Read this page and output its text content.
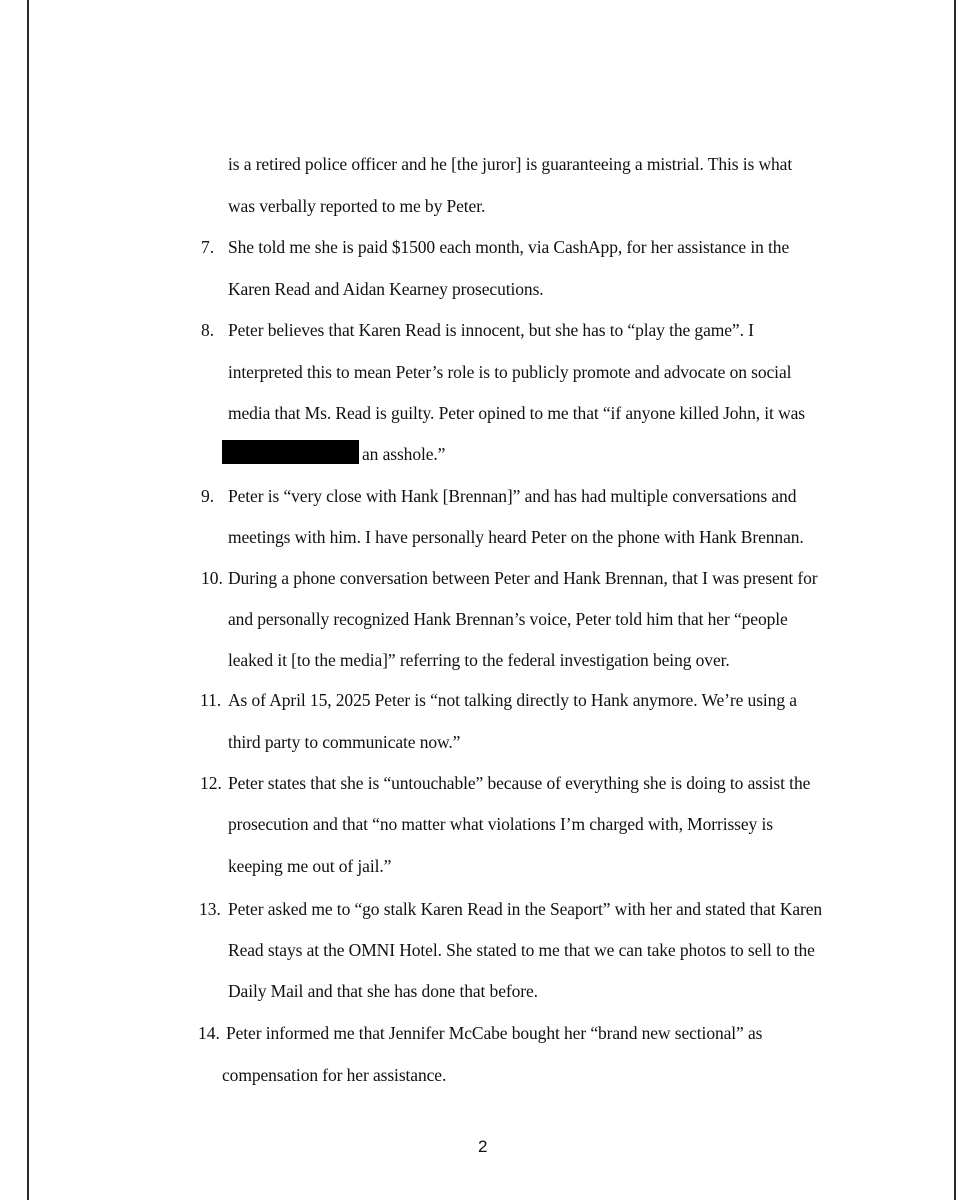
is a retired police officer and he [the juror] is guaranteeing a mistrial. This is what
was verbally reported to me by Peter.
7. She told me she is paid $1500 each month, via CashApp, for her assistance in the
Karen Read and Aidan Kearney prosecutions.
8. Peter believes that Karen Read is innocent, but she has to “play the game”. I
interpreted this to mean Peter’s role is to publicly promote and advocate on social
media that Ms. Read is guilty. Peter opined to me that “if anyone killed John, it was
an asshole.”
9. Peter is “very close with Hank [Brennan]” and has had multiple conversations and
meetings with him. I have personally heard Peter on the phone with Hank Brennan.
10. During a phone conversation between Peter and Hank Brennan, that I was present for
and personally recognized Hank Brennan’s voice, Peter told him that her “people
leaked it [to the media]” referring to the federal investigation being over.
11. As of April 15, 2025 Peter is “not talking directly to Hank anymore. We’re using a
third party to communicate now.”
12. Peter states that she is “untouchable” because of everything she is doing to assist the
prosecution and that “no matter what violations I’m charged with, Morrissey is
keeping me out of jail.”
13. Peter asked me to “go stalk Karen Read in the Seaport” with her and stated that Karen
Read stays at the OMNI Hotel. She stated to me that we can take photos to sell to the
Daily Mail and that she has done that before.
14. Peter informed me that Jennifer McCabe bought her “brand new sectional” as
compensation for her assistance.
2
